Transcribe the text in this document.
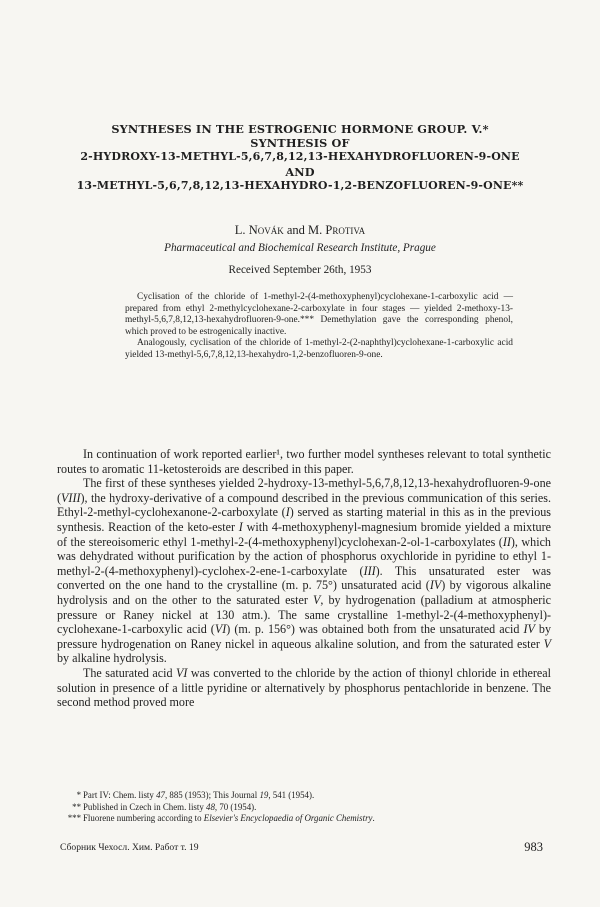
SYNTHESES IN THE ESTROGENIC HORMONE GROUP. V.*
SYNTHESIS OF
2-HYDROXY-13-METHYL-5,6,7,8,12,13-HEXAHYDROFLUOREN-9-ONE
AND
13-METHYL-5,6,7,8,12,13-HEXAHYDRO-1,2-BENZOFLUOREN-9-ONE**
L. Novák and M. Protiva
Pharmaceutical and Biochemical Research Institute, Prague
Received September 26th, 1953

Cyclisation of the chloride of 1-methyl-2-(4-methoxyphenyl)cyclohexane-1-carboxylic acid — prepared from ethyl 2-methylcyclohexane-2-carboxylate in four stages — yielded 2-methoxy-13-methyl-5,6,7,8,12,13-hexahydrofluoren-9-one.*** Demethylation gave the corresponding phenol, which proved to be estrogenically inactive.

Analogously, cyclisation of the chloride of 1-methyl-2-(2-naphthyl)cyclohexane-1-carboxylic acid yielded 13-methyl-5,6,7,8,12,13-hexahydro-1,2-benzofluoren-9-one.

In continuation of work reported earlier¹, two further model syntheses relevant to total synthetic routes to aromatic 11-ketosteroids are described in this paper.

The first of these syntheses yielded 2-hydroxy-13-methyl-5,6,7,8,12,13-hexahydrofluoren-9-one (VIII), the hydroxy-derivative of a compound described in the previous communication of this series. Ethyl-2-methyl-cyclohexanone-2-carboxylate (I) served as starting material in this as in the previous synthesis. Reaction of the keto-ester I with 4-methoxyphenyl-magnesium bromide yielded a mixture of the stereoisomeric ethyl 1-methyl-2-(4-methoxyphenyl)cyclohexan-2-ol-1-carboxylates (II), which was dehydrated without purification by the action of phosphorus oxychloride in pyridine to ethyl 1-methyl-2-(4-methoxyphenyl)-cyclohex-2-ene-1-carboxylate (III). This unsaturated ester was converted on the one hand to the crystalline (m. p. 75°) unsaturated acid (IV) by vigorous alkaline hydrolysis and on the other to the saturated ester V, by hydrogenation (palladium at atmospheric pressure or Raney nickel at 130 atm.). The same crystalline 1-methyl-2-(4-methoxyphenyl)-cyclohexane-1-carboxylic acid (VI) (m. p. 156°) was obtained both from the unsaturated acid IV by pressure hydrogenation on Raney nickel in aqueous alkaline solution, and from the saturated ester V by alkaline hydrolysis.

The saturated acid VI was converted to the chloride by the action of thionyl chloride in ethereal solution in presence of a little pyridine or alternatively by phosphorus pentachloride in benzene. The second method proved more

* Part IV: Chem. listy 47, 885 (1953); This Journal 19, 541 (1954).
** Published in Czech in Chem. listy 48, 70 (1954).
*** Fluorene numbering according to Elsevier's Encyclopaedia of Organic Chemistry.
Сборник Чехосл. Хим. Работ т. 19	983
